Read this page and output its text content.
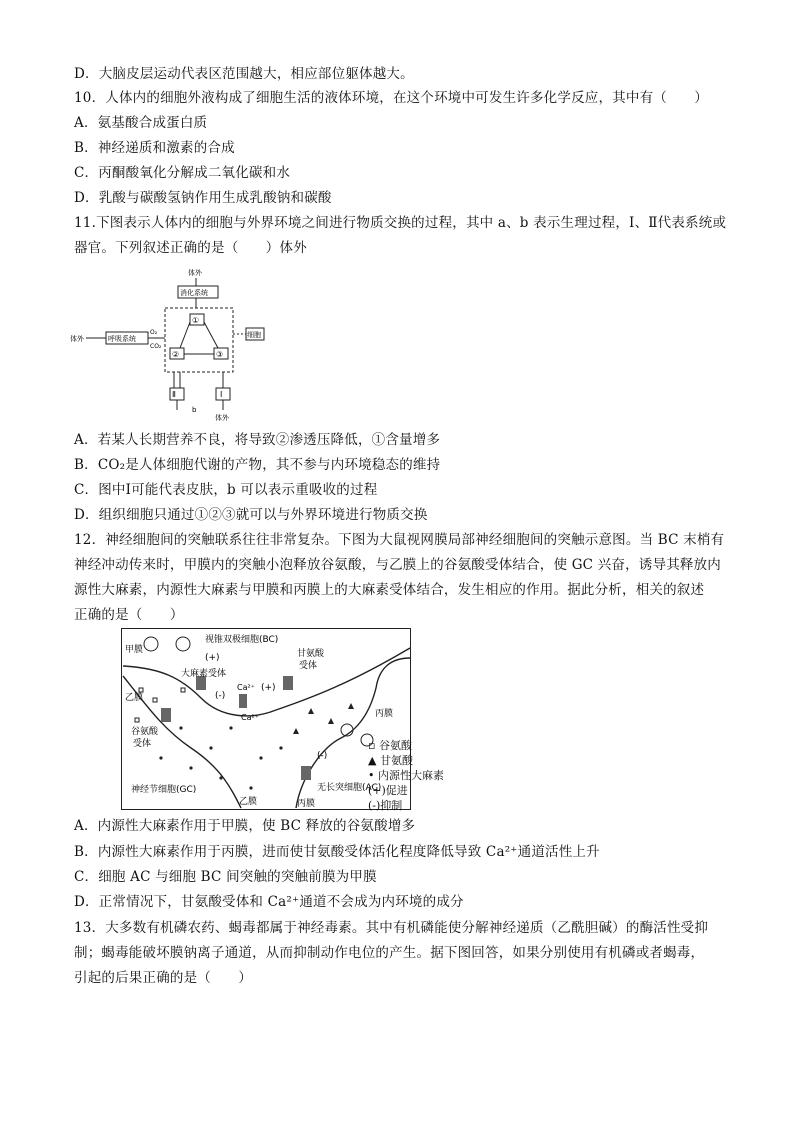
D．大脑皮层运动代表区范围越大，相应部位躯体越大。
10．人体内的细胞外液构成了细胞生活的液体环境，在这个环境中可发生许多化学反应，其中有（　　）
A．氨基酸合成蛋白质
B．神经递质和激素的合成
C．丙酮酸氧化分解成二氧化碳和水
D．乳酸与碳酸氢钠作用生成乳酸钠和碳酸
11.下图表示人体内的细胞与外界环境之间进行物质交换的过程，其中 a、b 表示生理过程，Ⅰ、Ⅱ代表系统或
器官。下列叙述正确的是（　　）体外
体外
消化系统
体外	呼吸系统
O₂
CO₂
①
②	③
细胞
Ⅱ	Ⅰ
体外
b
A．若某人长期营养不良，将导致②渗透压降低，①含量增多
B．CO₂是人体细胞代谢的产物，其不参与内环境稳态的维持
C．图中Ⅰ可能代表皮肤，b 可以表示重吸收的过程
D．组织细胞只通过①②③就可以与外界环境进行物质交换
12．神经细胞间的突触联系往往非常复杂。下图为大鼠视网膜局部神经细胞间的突触示意图。当 BC 末梢有
神经冲动传来时，甲膜内的突触小泡释放谷氨酸，与乙膜上的谷氨酸受体结合，使 GC 兴奋，诱导其释放内
源性大麻素，内源性大麻素与甲膜和丙膜上的大麻素受体结合，发生相应的作用。据此分析，相关的叙述
正确的是（　　）
甲膜
视锥双极细胞(BC)
(+)	甘氨酸
受体
大麻素受体
乙膜	(-)
Ca²⁺ (+)
Ca²⁺	丙膜
谷氨酸
受体
(-)
神经节细胞(GC)
乙膜
无长突细胞(AC)
丙膜
▫ 谷氨酸
▲ 甘氨酸
• 内源性大麻素
(+)促进
(-)抑制
A．内源性大麻素作用于甲膜，使 BC 释放的谷氨酸增多
B．内源性大麻素作用于丙膜，进而使甘氨酸受体活化程度降低导致 Ca²⁺通道活性上升
C．细胞 AC 与细胞 BC 间突触的突触前膜为甲膜
D．正常情况下，甘氨酸受体和 Ca²⁺通道不会成为内环境的成分
13．大多数有机磷农药、蝎毒都属于神经毒素。其中有机磷能使分解神经递质（乙酰胆碱）的酶活性受抑
制；蝎毒能破坏膜钠离子通道，从而抑制动作电位的产生。据下图回答，如果分别使用有机磷或者蝎毒，
引起的后果正确的是（　　）
